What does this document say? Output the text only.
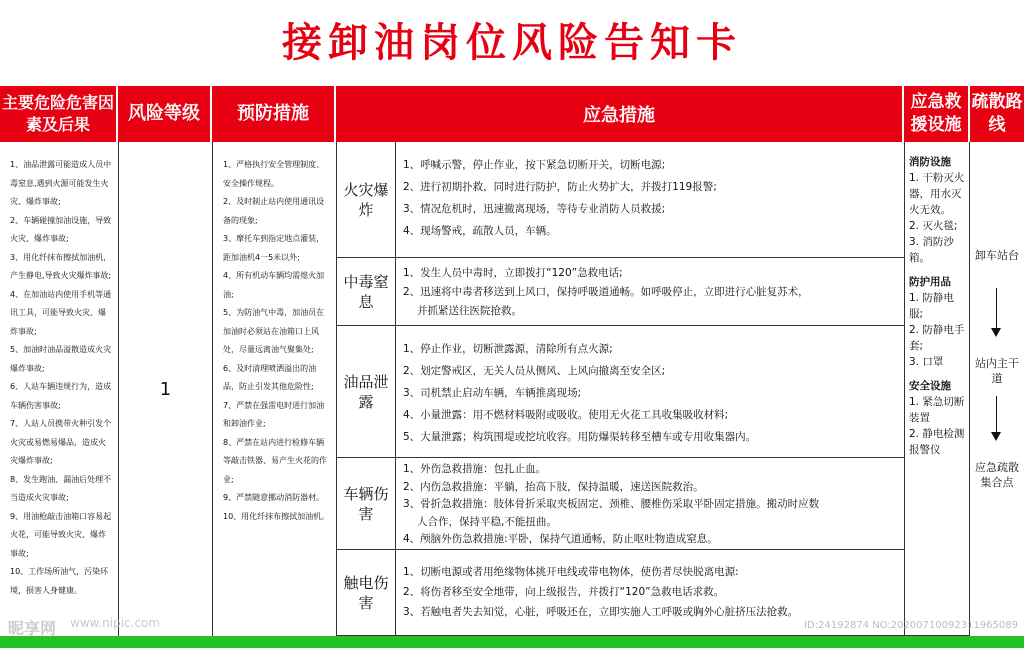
接卸油岗位风险告知卡
主要危险危害因素及后果
风险等级	预防措施	应急措施
应急救援设施
疏散路线
1、油品泄露可能造成人员中毒窒息,遇到火源可能发生火灾、爆炸事故;
2、车辆碰撞加油设施，导致火灾、爆炸事故;
3、用化纤抹布擦拭加油机，产生静电,导致火灾爆炸事故;
4、在加油站内使用手机等通讯工具，可能导致火灾、爆炸事故;
5、加油时油品溢散造成火灾爆炸事故;
6、人站车辆违规行为，造成车辆伤害事故;
7、人站人员携带火种引发个火灾或易燃易爆品，造成火灾爆炸事故;
8、发生跑油、漏油后处理不当造成火灾事故;
9、用油枪敲击油箱口容易起火花，可能导致火灾、爆炸事故;
10、工作场所油气，污染环境，损害人身健康。
1
1、严格执行安全管理制度、安全操作规程。
2、及时制止站内使用通讯设备的现象;
3、摩托车到指定地点灌装，距加油机4一5米以外;
4、所有机动车辆均需熄火加油;
5、为防油气中毒，加油员在加油时必须站在油箱口上风处，尽量远离油气聚集处;
6、及时清理喷洒溢出的油品，防止引发其他危险性;
7、严禁在强雷电时进行加油和卸油作业;
8、严禁在站内进行检修车辆等敲击铁器、易产生火花的作业;
9、严禁随意挪动消防器材。
10、用化纤抹布擦拭加油机。
火灾爆炸
1、呼喊示警，停止作业，按下紧急切断开关，切断电源;
2、进行初期扑救，同时进行防护，防止火势扩大，并拨打119报警;
3、情况危机时，迅速撤离现场，等待专业消防人员救援;
4、现场警戒，疏散人员，车辆。
中毒窒息
1、发生人员中毒时，立即拨打“120”急救电话;
2、迅速将中毒者移送到上风口，保持呼吸道通畅。如呼吸停止，立即进行心脏复苏术，
并抓紧送往医院抢救。
油品泄露
1、停止作业，切断泄露源，清除所有点火源;
2、划定警戒区，无关人员从侧风、上风向撤离至安全区;
3、司机禁止启动车辆，车辆推离现场;
4、小量泄露：用不燃材料吸附或吸收。使用无火花工具收集吸收材料;
5、大量泄露；构筑围堤或挖坑收容。用防爆渠转移至槽车或专用收集器内。
车辆伤害
1、外伤急救措施：包扎止血。
2、内伤急救措施：平躺，抬高下肢，保持温暖，速送医院救治。
3、骨折急救措施：肢体骨折采取夹板固定、颈椎、腰椎伤采取平卧固定措施。搬动时应数
人合作，保持平稳,不能扭曲。
4、颅脑外伤急救措施:平卧，保持气道通畅，防止呕吐物造成窒息。
触电伤害
1、切断电源或者用绝缘物体挑开电线或带电物体，使伤者尽快脱离电源:
2、将伤者移至安全地带，向上级报告，并拨打“120”急救电话求救。
3、若触电者失去知觉，心脏，呼吸还在，立即实施人工呼吸或胸外心脏挤压法抢救。
消防设施
1. 干粉灭火器，用水灭火无效。
2. 灭火毯;
3. 消防沙箱。
防护用品
1. 防静电服;
2. 防静电手套;
3. 口罩
安全设施
1. 紧急切断装置
2. 静电检测报警仪
卸车站台
站内主干道
应急疏散集合点
昵享网 www.nipic.com	ID:24192874 NO:20200710092311965089
